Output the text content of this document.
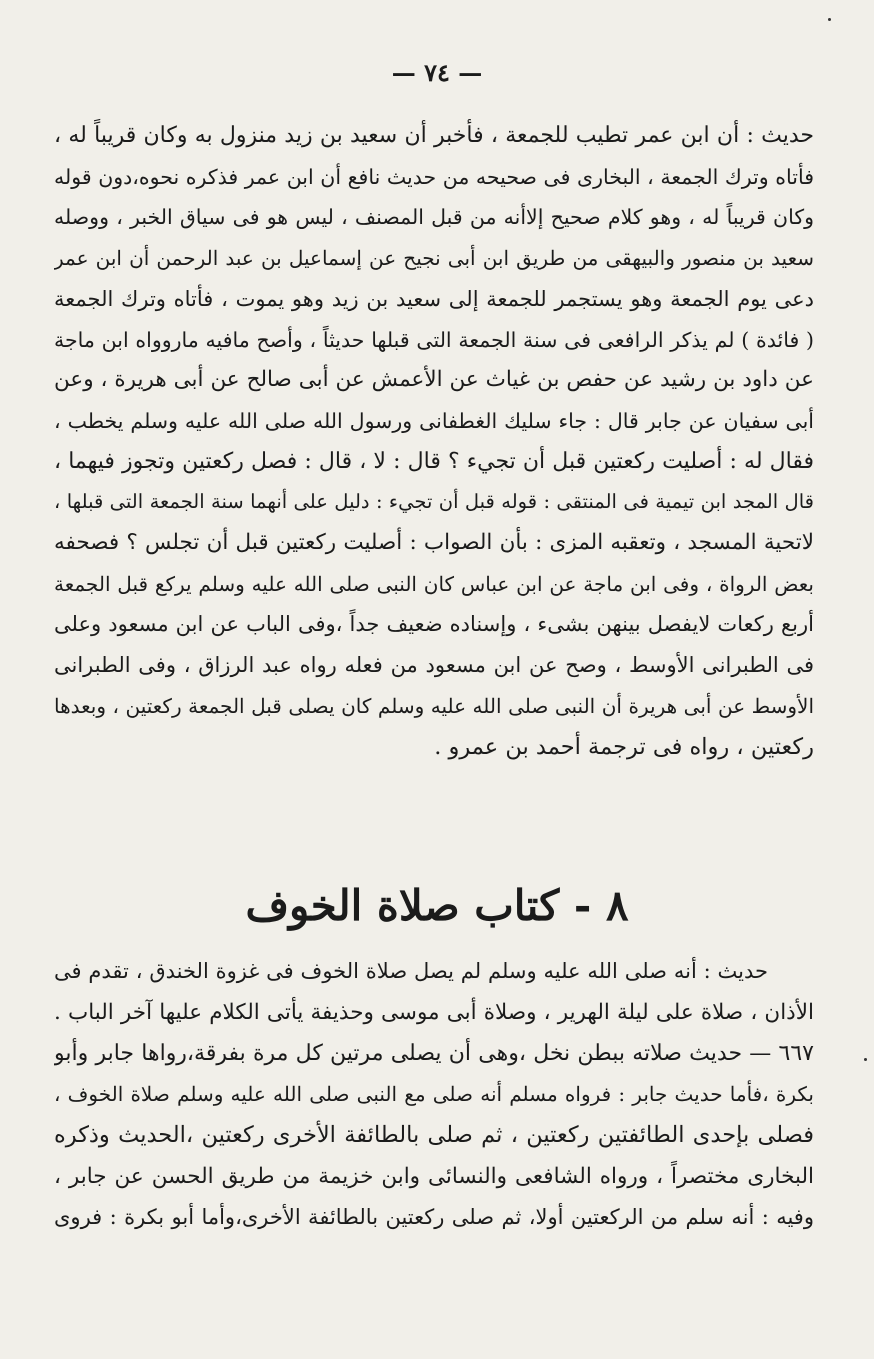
— ٧٤ —
حديث : أن ابن عمر تطيب للجمعة ، فأخبر أن سعيد بن زيد منزول به وكان قريباً له ،
فأتاه وترك الجمعة ، البخارى فى صحيحه من حديث نافع أن ابن عمر فذكره نحوه،دون قوله
وكان قريباً له ، وهو كلام صحيح إلاأنه من قبل المصنف ، ليس هو فى سياق الخبر ، ووصله
سعيد بن منصور والبيهقى من طريق ابن أبى نجيح عن إسماعيل بن عبد الرحمن أن ابن عمر
دعى يوم الجمعة وهو يستجمر للجمعة إلى سعيد بن زيد وهو يموت ، فأتاه وترك الجمعة
( فائدة ) لم يذكر الرافعى فى سنة الجمعة التى قبلها حديثاً ، وأصح مافيه ماروواه ابن ماجة
عن داود بن رشيد عن حفص بن غياث عن الأعمش عن أبى صالح عن أبى هريرة ، وعن
أبى سفيان عن جابر قال : جاء سليك الغطفانى ورسول الله صلى الله عليه وسلم يخطب ،
فقال له : أصليت ركعتين قبل أن تجيء ؟ قال : لا ، قال : فصل ركعتين وتجوز فيهما ،
قال المجد ابن تيمية فى المنتقى : قوله قبل أن تجيء : دليل على أنهما سنة الجمعة التى قبلها ،
لاتحية المسجد ، وتعقبه المزى : بأن الصواب : أصليت ركعتين قبل أن تجلس ؟ فصحفه
بعض الرواة ، وفى ابن ماجة عن ابن عباس كان النبى صلى الله عليه وسلم يركع قبل الجمعة
أربع ركعات لايفصل بينهن بشىء ، وإسناده ضعيف جداً ،وفى الباب عن ابن مسعود وعلى
فى الطبرانى الأوسط ، وصح عن ابن مسعود من فعله رواه عبد الرزاق ، وفى الطبرانى
الأوسط عن أبى هريرة أن النبى صلى الله عليه وسلم كان يصلى قبل الجمعة ركعتين ، وبعدها
ركعتين ، رواه فى ترجمة أحمد بن عمرو .
٨ - كتاب صلاة الخوف
حديث : أنه صلى الله عليه وسلم لم يصل صلاة الخوف فى غزوة الخندق ، تقدم فى
الأذان ، صلاة على ليلة الهرير ، وصلاة أبى موسى وحذيفة يأتى الكلام عليها آخر الباب .
٦٦٧ — حديث صلاته ببطن نخل ،وهى أن يصلى مرتين كل مرة بفرقة،رواها جابر وأبو
بكرة ،فأما حديث جابر : فرواه مسلم أنه صلى مع النبى صلى الله عليه وسلم صلاة الخوف ،
فصلى بإحدى الطائفتين ركعتين ، ثم صلى بالطائفة الأخرى ركعتين ،الحديث وذكره
البخارى مختصراً ، ورواه الشافعى والنسائى وابن خزيمة من طريق الحسن عن جابر ،
وفيه : أنه سلم من الركعتين أولا، ثم صلى ركعتين بالطائفة الأخرى،وأما أبو بكرة : فروى
